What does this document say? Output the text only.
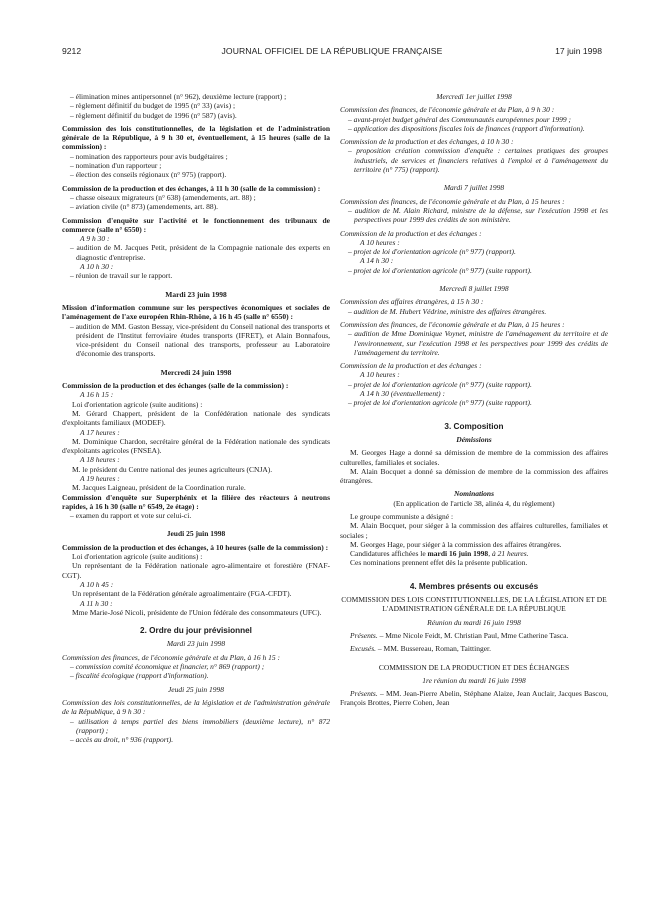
9212	JOURNAL OFFICIEL DE LA RÉPUBLIQUE FRANÇAISE	17 juin 1998

– élimination mines antipersonnel (n° 962), deuxième lecture (rapport) ;

– règlement définitif du budget de 1995 (n° 33) (avis) ;

– règlement définitif du budget de 1996 (n° 587) (avis).

Commission des lois constitutionnelles, de la législation et de l'administration générale de la République, à 9 h 30 et, éventuellement, à 15 heures (salle de la commission) :

– nomination des rapporteurs pour avis budgétaires ;

– nomination d'un rapporteur ;

– élection des conseils régionaux (n° 975) (rapport).

Commission de la production et des échanges, à 11 h 30 (salle de la commission) :

– chasse oiseaux migrateurs (n° 638) (amendements, art. 88) ;

– aviation civile (n° 873) (amendements, art. 88).

Commission d'enquête sur l'activité et le fonctionnement des tribunaux de commerce (salle n° 6550) :

A 9 h 30 :

– audition de M. Jacques Petit, président de la Compagnie nationale des experts en diagnostic d'entreprise.

A 10 h 30 :

– réunion de travail sur le rapport.

Mardi 23 juin 1998

Mission d'information commune sur les perspectives économiques et sociales de l'aménagement de l'axe européen Rhin-Rhône, à 16 h 45 (salle n° 6550) :

– audition de MM. Gaston Bessay, vice-président du Conseil national des transports et président de l'Institut ferroviaire études transports (IFRET), et Alain Bonnafous, vice-président du Conseil national des transports, professeur au Laboratoire d'économie des transports.

Mercredi 24 juin 1998

Commission de la production et des échanges (salle de la commission) :

A 16 h 15 :

Loi d'orientation agricole (suite auditions) :

M. Gérard Chappert, président de la Confédération nationale des syndicats d'exploitants familiaux (MODEF).

A 17 heures :

M. Dominique Chardon, secrétaire général de la Fédération nationale des syndicats d'exploitants agricoles (FNSEA).

A 18 heures :

M. le président du Centre national des jeunes agriculteurs (CNJA).

A 19 heures :

M. Jacques Laigneau, président de la Coordination rurale.

Commission d'enquête sur Superphénix et la filière des réacteurs à neutrons rapides, à 16 h 30 (salle n° 6549, 2e étage) :

– examen du rapport et vote sur celui-ci.

Jeudi 25 juin 1998

Commission de la production et des échanges, à 10 heures (salle de la commission) :

Loi d'orientation agricole (suite auditions) :

Un représentant de la Fédération nationale agro-alimentaire et forestière (FNAF-CGT).

A 10 h 45 :

Un représentant de la Fédération générale agroalimentaire (FGA-CFDT).

A 11 h 30 :

Mme Marie-José Nicoli, présidente de l'Union fédérale des consommateurs (UFC).

2. Ordre du jour prévisionnel

Mardi 23 juin 1998

Commission des finances, de l'économie générale et du Plan, à 16 h 15 :

– commission comité économique et financier, n° 869 (rapport) ;

– fiscalité écologique (rapport d'information).

Jeudi 25 juin 1998

Commission des lois constitutionnelles, de la législation et de l'administration générale de la République, à 9 h 30 :

– utilisation à temps partiel des biens immobiliers (deuxième lecture), n° 872 (rapport) ;

– accès au droit, n° 936 (rapport).

Mercredi 1er juillet 1998

Commission des finances, de l'économie générale et du Plan, à 9 h 30 :

– avant-projet budget général des Communautés européennes pour 1999 ;

– application des dispositions fiscales lois de finances (rapport d'information).

Commission de la production et des échanges, à 10 h 30 :

– proposition création commission d'enquête : certaines pratiques des groupes industriels, de services et financiers relatives à l'emploi et à l'aménagement du territoire (n° 775) (rapport).

Mardi 7 juillet 1998

Commission des finances, de l'économie générale et du Plan, à 15 heures :

– audition de M. Alain Richard, ministre de la défense, sur l'exécution 1998 et les perspectives pour 1999 des crédits de son ministère.

Commission de la production et des échanges :

A 10 heures :

– projet de loi d'orientation agricole (n° 977) (rapport).

A 14 h 30 :

– projet de loi d'orientation agricole (n° 977) (suite rapport).

Mercredi 8 juillet 1998

Commission des affaires étrangères, à 15 h 30 :

– audition de M. Hubert Védrine, ministre des affaires étrangères.

Commission des finances, de l'économie générale et du Plan, à 15 heures :

– audition de Mme Dominique Voynet, ministre de l'aménagement du territoire et de l'environnement, sur l'exécution 1998 et les perspectives pour 1999 des crédits de l'aménagement du territoire.

Commission de la production et des échanges :

A 10 heures :

– projet de loi d'orientation agricole (n° 977) (suite rapport).

A 14 h 30 (éventuellement) :

– projet de loi d'orientation agricole (n° 977) (suite rapport).

3. Composition

Démissions

M. Georges Hage a donné sa démission de membre de la commission des affaires culturelles, familiales et sociales.

M. Alain Bocquet a donné sa démission de membre de la commission des affaires étrangères.

Nominations

(En application de l'article 38, alinéa 4, du règlement)

Le groupe communiste a désigné :

M. Alain Bocquet, pour siéger à la commission des affaires culturelles, familiales et sociales ;

M. Georges Hage, pour siéger à la commission des affaires étrangères.

Candidatures affichées le mardi 16 juin 1998, à 21 heures.

Ces nominations prennent effet dès la présente publication.

4. Membres présents ou excusés

COMMISSION DES LOIS CONSTITUTIONNELLES, DE LA LÉGISLATION ET DE L'ADMINISTRATION GÉNÉRALE DE LA RÉPUBLIQUE

Réunion du mardi 16 juin 1998

Présents. – Mme Nicole Feidt, M. Christian Paul, Mme Catherine Tasca.

Excusés. – MM. Bussereau, Roman, Taittinger.

COMMISSION DE LA PRODUCTION ET DES ÉCHANGES

1re réunion du mardi 16 juin 1998

Présents. – MM. Jean-Pierre Abelin, Stéphane Alaize, Jean Auclair, Jacques Bascou, François Brottes, Pierre Cohen, Jean
